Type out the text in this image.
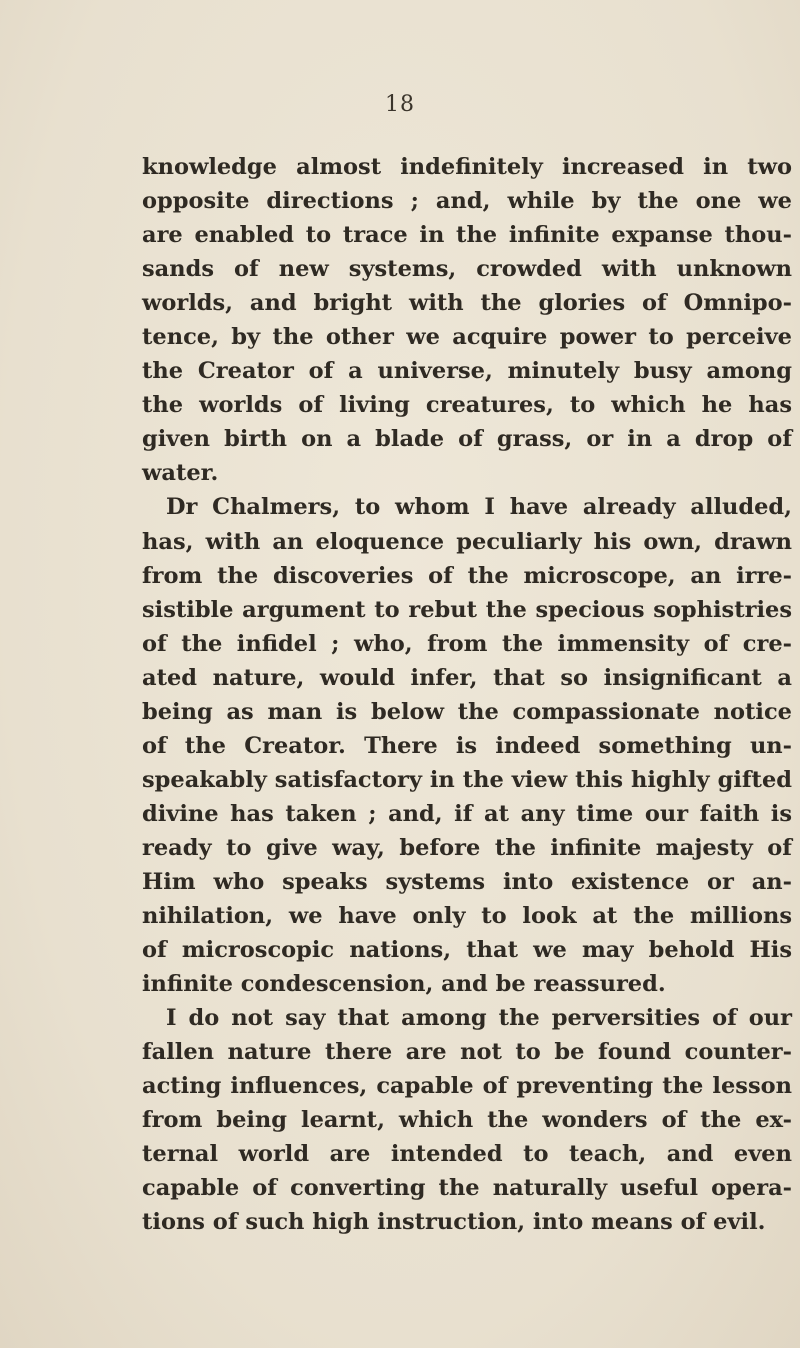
18
knowledge almost indefinitely increased in two
opposite directions ; and, while by the one we
are enabled to trace in the infinite expanse thou-
sands of new systems, crowded with unknown
worlds, and bright with the glories of Omnipo-
tence, by the other we acquire power to perceive
the Creator of a universe, minutely busy among
the worlds of living creatures, to which he has
given birth on a blade of grass, or in a drop of
water.
Dr Chalmers, to whom I have already alluded,
has, with an eloquence peculiarly his own, drawn
from the discoveries of the microscope, an irre-
sistible argument to rebut the specious sophistries
of the infidel ; who, from the immensity of cre-
ated nature, would infer, that so insignificant a
being as man is below the compassionate notice
of the Creator. There is indeed something un-
speakably satisfactory in the view this highly gifted
divine has taken ; and, if at any time our faith is
ready to give way, before the infinite majesty of
Him who speaks systems into existence or an-
nihilation, we have only to look at the millions
of microscopic nations, that we may behold His
infinite condescension, and be reassured.
I do not say that among the perversities of our
fallen nature there are not to be found counter-
acting influences, capable of preventing the lesson
from being learnt, which the wonders of the ex-
ternal world are intended to teach, and even
capable of converting the naturally useful opera-
tions of such high instruction, into means of evil.
